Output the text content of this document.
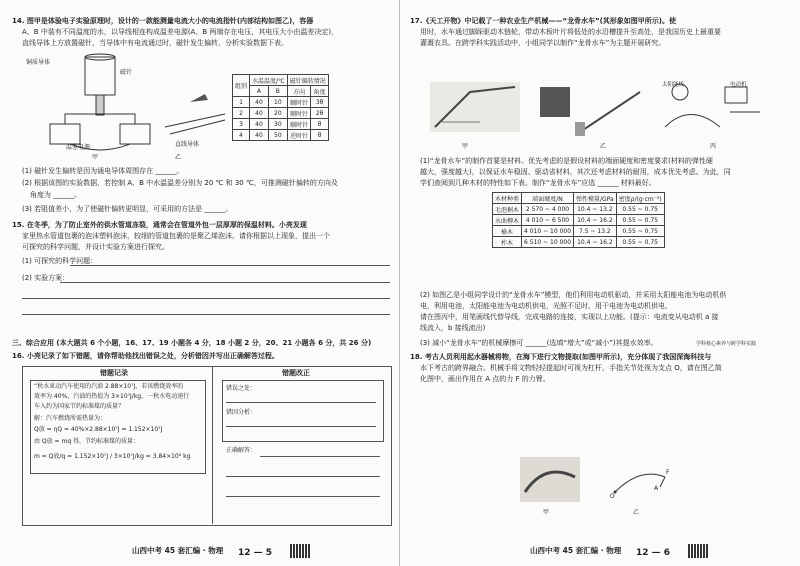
14. 图甲是体验电子实验原理时，设计的一款能测量电流大小的电流指针(内部结构如图乙)，容器
A、B 中装有不同温度的水，以导线相连构成温差电源(A、B 两端存在电压，其电压大小由温差决定)，
直线导体上方放置磁针，当导体中有电流通过时，磁针发生偏转，分析实验数据下表。
铜质导体
磁针
直线导体
温差电源
甲	乙
组别	水温温度/℃		磁针偏转情况	
	A	B	方向	角度
1	40	10	顺时针	3θ
2	40	20	顺时针	2θ
3	40	30	顺时针	θ
4	40	50	逆时针	θ
(1) 磁针发生偏转是因为通电导体周围存在 ______。
(2) 根据该图的实验数据，若控制 A、B 中水温温差分别为 20 ℃ 和 30 ℃，可推测磁针偏转的方向及
角度为 ______。
(3) 若阻值差小，为了使磁针偏转更明显，可采用的方法是 ______。
15. 在冬季，为了防止室外的供水管道冻裂，通常会在管道外包一层厚厚的保温材料。小亮发现
家里热水管道包裹的泡沫塑料泡沫，较细的管道包裹的是聚乙烯泡沫。请你根据以上现象，提出一个
可探究的科学问题，并设计实验方案进行探究。
(1) 可探究的科学问题：
(2) 实验方案：
三、综合应用 (本大题共 6 个小题，16、17、19 小题各 4 分，18 小题 2 分，20、21 小题各 6 分，共 26 分)
16. 小亮记录了如下错题，请你帮助他找出错误之处，分析错因并写出正确解答过程。
错题记录	错题改正
“秋水束动汽车使用的汽油 2.88×10⁷J，若该燃烧效率的
效率为 40%，汽油的热值为 3×10⁷J/kg，一秋水电动速行
车入约为国家节约标准煤的质量？
解：汽车燃烧所需热量为：
Q放 = ηQ = 40%×2.88×10⁷J = 1.152×10⁷J
由 Q放 = mq 得，节约标准煤的质量：
m = Q放/q = 1.152×10⁷J / 3×10⁷J/kg = 3.84×10⁶ kg
错误之处：
错因分析：
正确解答：
山西中考 45 套汇编 · 物理 12 — 5
17.《天工开物》中记载了一种农业生产机械——“龙骨水车”(其形象如图甲所示)。使
用时，水车通过脚踩驱动木链轮，带动木板叶片将低处的水沿槽提升至高处，是我国历史上最重要
灌溉农具。在跨学科实践活动中，小组同学以制作“龙骨水车”为主题开展研究。
甲	乙	丙
太阳能板	电动机
(1)“龙骨水车”的制作首要是材料。优先考虑的是假设材料的端面硬度和密度要求(材料的弹性硬
越大，强度越大)，以保证水车稳固、驱动省材料，其次还考虑材料的耐用，成本优先考虑。为此，同
学们查阅到几种木材的特性如下表。制作“龙骨水车”应选 ______ 材料最好。
木材种类	端面硬度/N	弹性模量/GPa	密度ρ/(g·cm⁻³)
毛泡桐木	2 570 ~ 4 000	10.4 ~ 13.2	0.55 ~ 0.75
水曲柳木	4 010 ~ 6 500	10.4 ~ 16.2	0.55 ~ 0.75
榆木	4 010 ~ 10 000	7.5 ~ 13.2	0.55 ~ 0.75
柞木	6 510 ~ 10 000	10.4 ~ 16.2	0.55 ~ 0.75
(2) 如图乙是小组同学设计的“龙骨水车”模型，他们利用电动机驱动，并采用太阳能电池为电动机供
电，利用电池，太阳能电池为电动机供电，光照不足时，用干电池为电动机供电，
请在图丙中，用笔画线代替导线，完成电路的连接，实现以上功能。(提示：电流变从电动机 a 接
线流入，b 接线流出)
(3) 减小“龙骨水车”的机械摩擦可 ______(选填“增大”或“减小”)其提水效率。	学科核心素养与跨学科实践
18. 考古人员利用起水器械将物，在海下进行文物提取(如图甲所示)，充分体现了我国深海科技与
水下考古的跨界融合。机械手将文物轻轻提起时可视为杠杆，手指关节处视为支点 O，请在图乙简
化图中，画出作用在 A 点的力 F 的力臂。
甲	乙
O
F
A
山西中考 45 套汇编 · 物理 12 — 6
